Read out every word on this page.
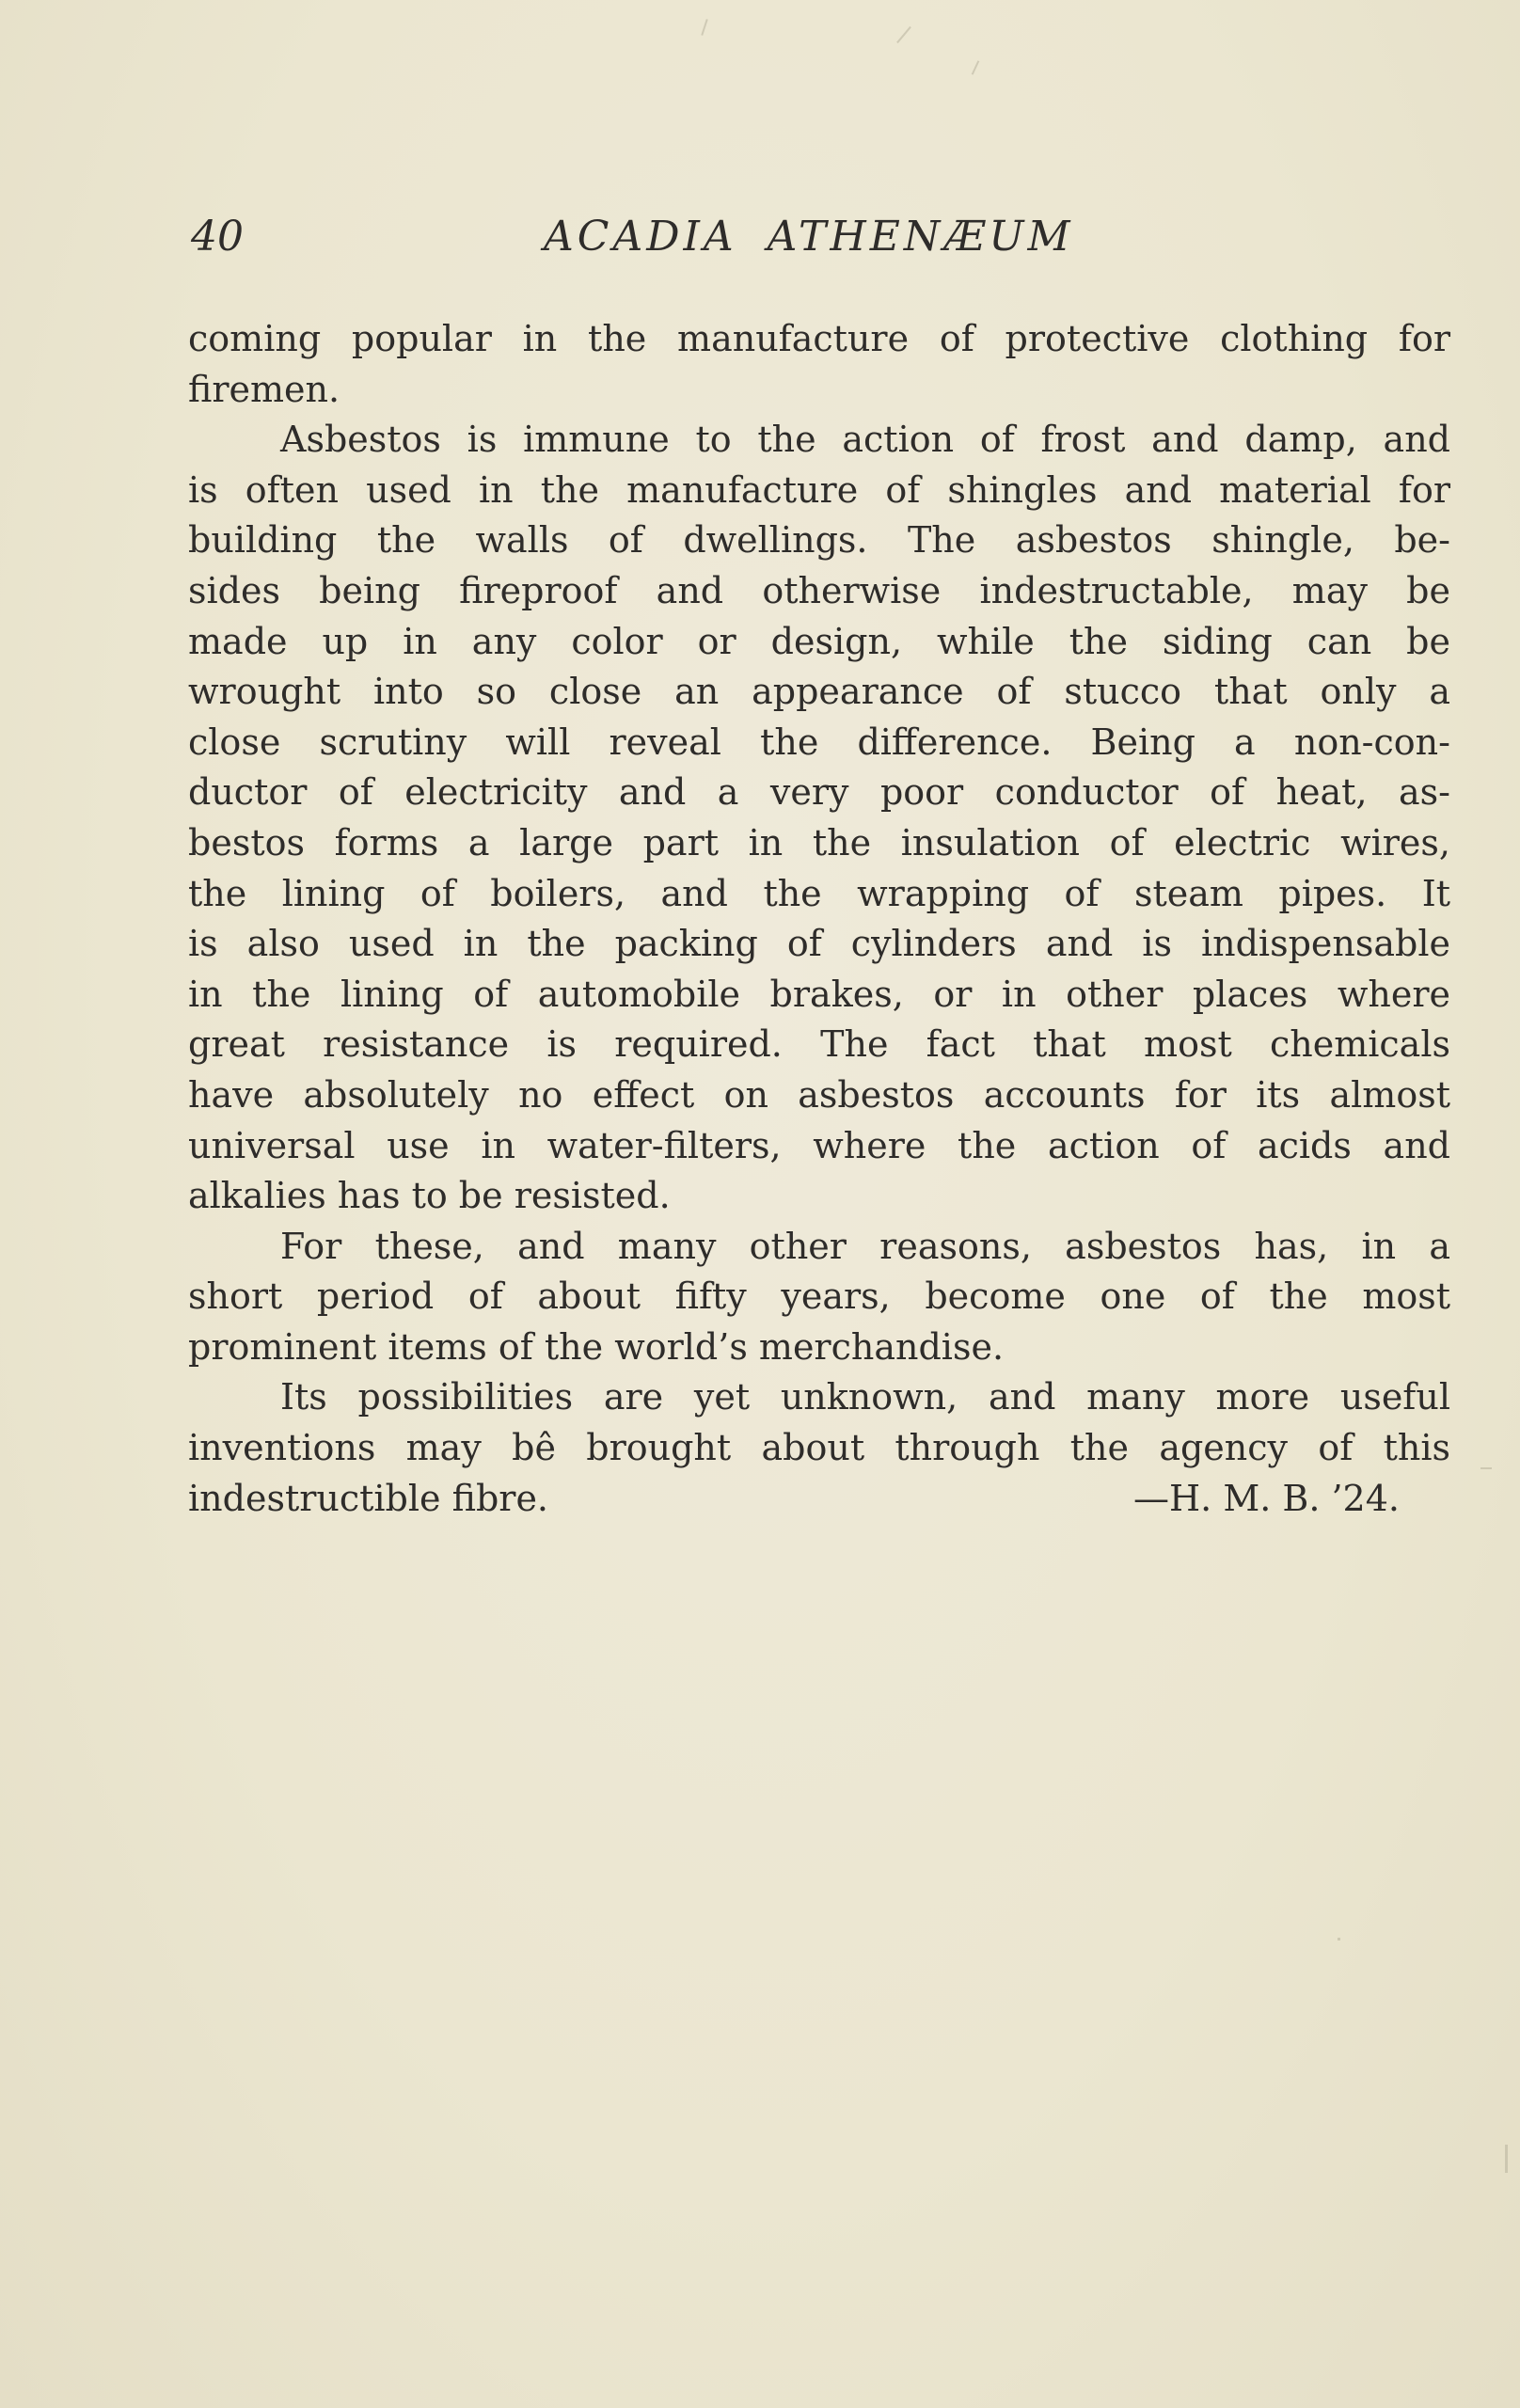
40	ACADIA ATHENÆUM
coming popular in the manufacture of protective clothing for
firemen.
Asbestos is immune to the action of frost and damp, and
is often used in the manufacture of shingles and material for
building the walls of dwellings. The asbestos shingle, be-
sides being fireproof and otherwise indestructable, may be
made up in any color or design, while the siding can be
wrought into so close an appearance of stucco that only a
close scrutiny will reveal the difference. Being a non-con-
ductor of electricity and a very poor conductor of heat, as-
bestos forms a large part in the insulation of electric wires,
the lining of boilers, and the wrapping of steam pipes. It
is also used in the packing of cylinders and is indispensable
in the lining of automobile brakes, or in other places where
great resistance is required. The fact that most chemicals
have absolutely no effect on asbestos accounts for its almost
universal use in water-filters, where the action of acids and
alkalies has to be resisted.
For these, and many other reasons, asbestos has, in a
short period of about fifty years, become one of the most
prominent items of the world’s merchandise.
Its possibilities are yet unknown, and many more useful
inventions may bê brought about through the agency of this
indestructible fibre.	—H. M. B. ’24.
